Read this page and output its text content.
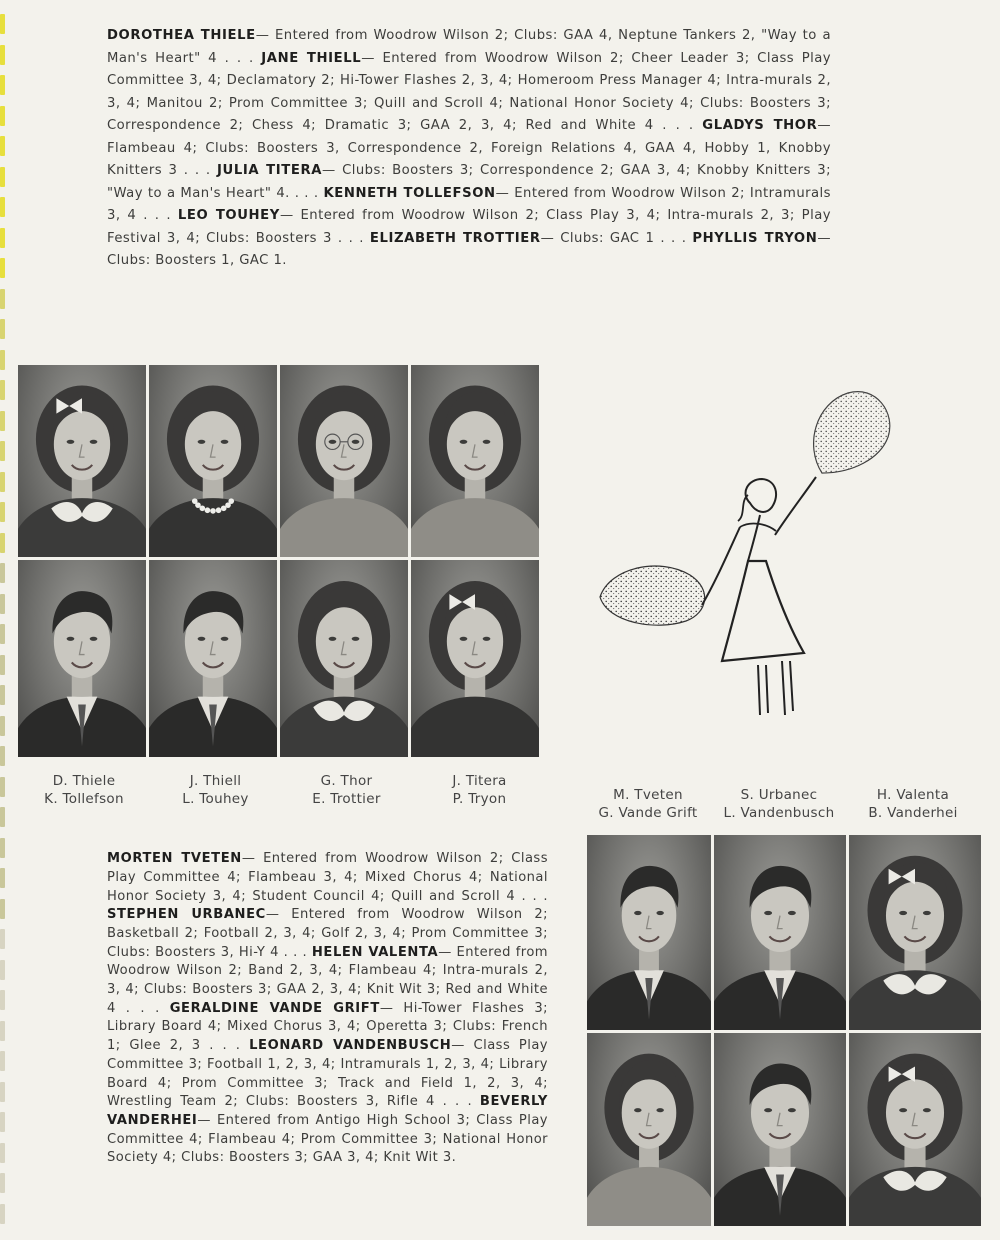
DOROTHEA THIELE— Entered from Woodrow Wilson 2; Clubs: GAA 4, Neptune Tankers 2, "Way to a Man's Heart" 4 . . . JANE THIELL— Entered from Woodrow Wilson 2; Cheer Leader 3; Class Play Committee 3, 4; Declamatory 2; Hi-Tower Flashes 2, 3, 4; Homeroom Press Manager 4; Intra-murals 2, 3, 4; Manitou 2; Prom Committee 3; Quill and Scroll 4; National Honor Society 4; Clubs: Boosters 3; Correspondence 2; Chess 4; Dramatic 3; GAA 2, 3, 4; Red and White 4 . . . GLADYS THOR— Flambeau 4; Clubs: Boosters 3, Correspondence 2, Foreign Relations 4, GAA 4, Hobby 1, Knobby Knitters 3 . . . JULIA TITERA— Clubs: Boosters 3; Correspondence 2; GAA 3, 4; Knobby Knitters 3; "Way to a Man's Heart" 4. . . . KENNETH TOLLEFSON— Entered from Woodrow Wilson 2; Intramurals 3, 4 . . . LEO TOUHEY— Entered from Woodrow Wilson 2; Class Play 3, 4; Intra-murals 2, 3; Play Festival 3, 4; Clubs: Boosters 3 . . . ELIZABETH TROTTIER— Clubs: GAC 1 . . . PHYLLIS TRYON— Clubs: Boosters 1, GAC 1.

D. Thiele
K. Tollefson
J. Thiell
L. Touhey
G. Thor
E. Trottier
J. Titera
P. Tryon	M. Tveten
G. Vande Grift
S. Urbanec
L. Vandenbusch
H. Valenta
B. Vanderhei

MORTEN TVETEN— Entered from Woodrow Wilson 2; Class Play Committee 4; Flambeau 3, 4; Mixed Chorus 4; National Honor Society 3, 4; Student Council 4; Quill and Scroll 4 . . . STEPHEN URBANEC— Entered from Woodrow Wilson 2; Basketball 2; Football 2, 3, 4; Golf 2, 3, 4; Prom Committee 3; Clubs: Boosters 3, Hi-Y 4 . . . HELEN VALENTA— Entered from Woodrow Wilson 2; Band 2, 3, 4; Flambeau 4; Intra-murals 2, 3, 4; Clubs: Boosters 3; GAA 2, 3, 4; Knit Wit 3; Red and White 4 . . . GERALDINE VANDE GRIFT— Hi-Tower Flashes 3; Library Board 4; Mixed Chorus 3, 4; Operetta 3; Clubs: French 1; Glee 2, 3 . . . LEONARD VANDENBUSCH— Class Play Committee 3; Football 1, 2, 3, 4; Intramurals 1, 2, 3, 4; Library Board 4; Prom Committee 3; Track and Field 1, 2, 3, 4; Wrestling Team 2; Clubs: Boosters 3, Rifle 4 . . . BEVERLY VANDERHEI— Entered from Antigo High School 3; Class Play Committee 4; Flambeau 4; Prom Committee 3; National Honor Society 4; Clubs: Boosters 3; GAA 3, 4; Knit Wit 3.
